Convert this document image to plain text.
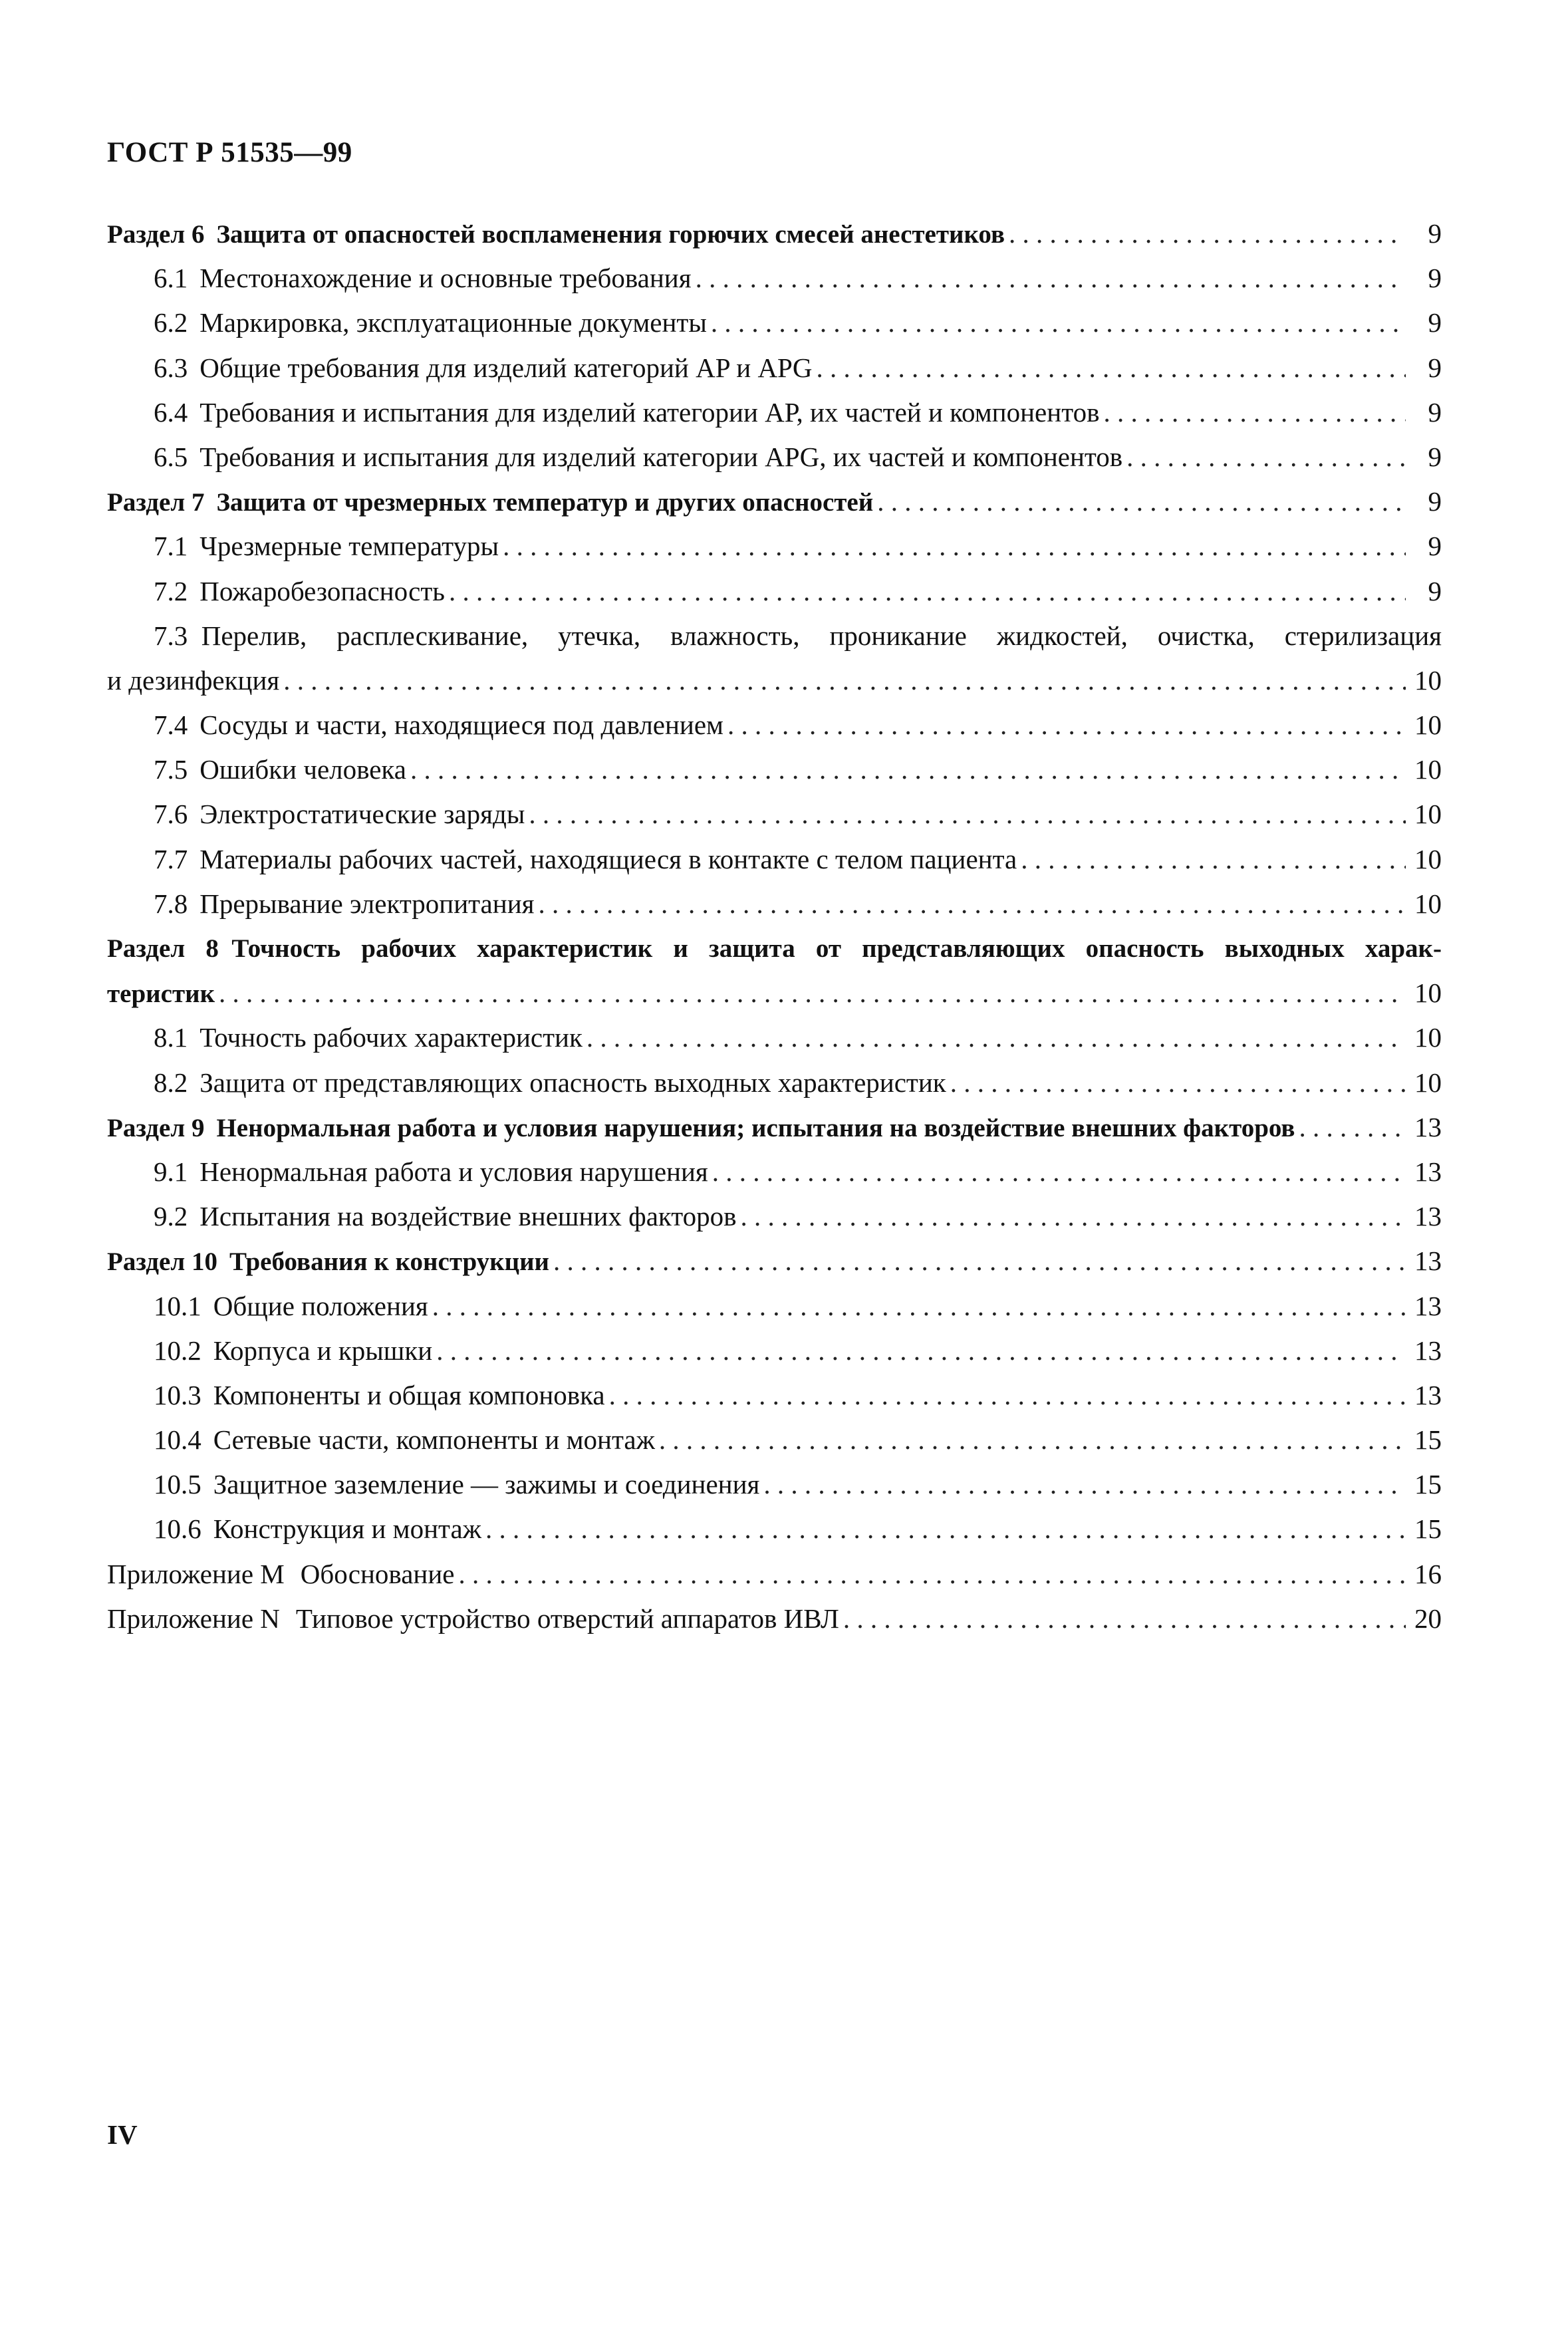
ГОСТ Р 51535—99
Раздел 6 Защита от опасностей воспламенения горючих смесей анестетиков . . .	9
6.1 Местонахождение и основные требования . . .	9
6.2 Маркировка, эксплуатационные документы . . .	9
6.3 Общие требования для изделий категорий AP и APG . . .	9
6.4 Требования и испытания для изделий категории АР, их частей и компонентов . . .	9
6.5 Требования и испытания для изделий категории APG, их частей и компонентов . . .	9
Раздел 7 Защита от чрезмерных температур и других опасностей . . .	9
7.1 Чрезмерные температуры . . .	9
7.2 Пожаробезопасность . . .	9
7.3  Перелив, расплескивание, утечка, влажность, проникание жидкостей, очистка, стерилизация
и дезинфекция . . .	10
7.4 Сосуды и части, находящиеся под давлением . . .	10
7.5 Ошибки человека . . .	10
7.6 Электростатические заряды . . .	10
7.7 Материалы рабочих частей, находящиеся в контакте с телом пациента . . .	10
7.8 Прерывание электропитания . . .	10
Раздел 8  Точность рабочих характеристик и защита от представляющих опасность выходных харак-
теристик . . .	10
8.1 Точность рабочих характеристик . . .	10
8.2 Защита от представляющих опасность выходных характеристик . . .	10
Раздел 9 Ненормальная работа и условия нарушения; испытания на воздействие внешних факторов . . .	13
9.1 Ненормальная работа и условия нарушения . . .	13
9.2 Испытания на воздействие внешних факторов . . .	13
Раздел 10 Требования к конструкции . . .	13
10.1 Общие положения . . .	13
10.2 Корпуса и крышки . . .	13
10.3 Компоненты и общая компоновка . . .	13
10.4 Сетевые части, компоненты и монтаж . . .	15
10.5 Защитное заземление — зажимы и соединения . . .	15
10.6 Конструкция и монтаж . . .	15
Приложение М Обоснование . . .	16
Приложение N Типовое устройство отверстий аппаратов ИВЛ . . .	20
IV
